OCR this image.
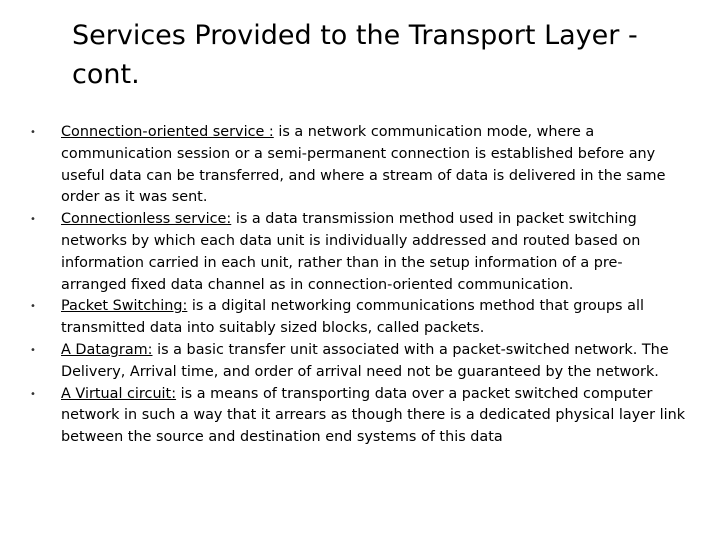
Services Provided to the Transport Layer -
cont.
• Connection-oriented service : is a network communication mode, where a communication session or a semi-permanent connection is established before any useful data can be transferred, and where a stream of data is delivered in the same order as it was sent.
• Connectionless service: is a data transmission method used in packet switching networks by which each data unit is individually addressed and routed based on information carried in each unit, rather than in the setup information of a pre-arranged fixed data channel as in connection-oriented communication.
• Packet Switching: is a digital networking communications method that groups all transmitted data into suitably sized blocks, called packets.
• A Datagram: is a basic transfer unit associated with a packet-switched network. The Delivery, Arrival time, and order of arrival need not be guaranteed by the network.
• A Virtual circuit: is a means of transporting data over a packet switched computer network in such a way that it arrears as though there is a dedicated physical layer link between the source and destination end systems of this data
